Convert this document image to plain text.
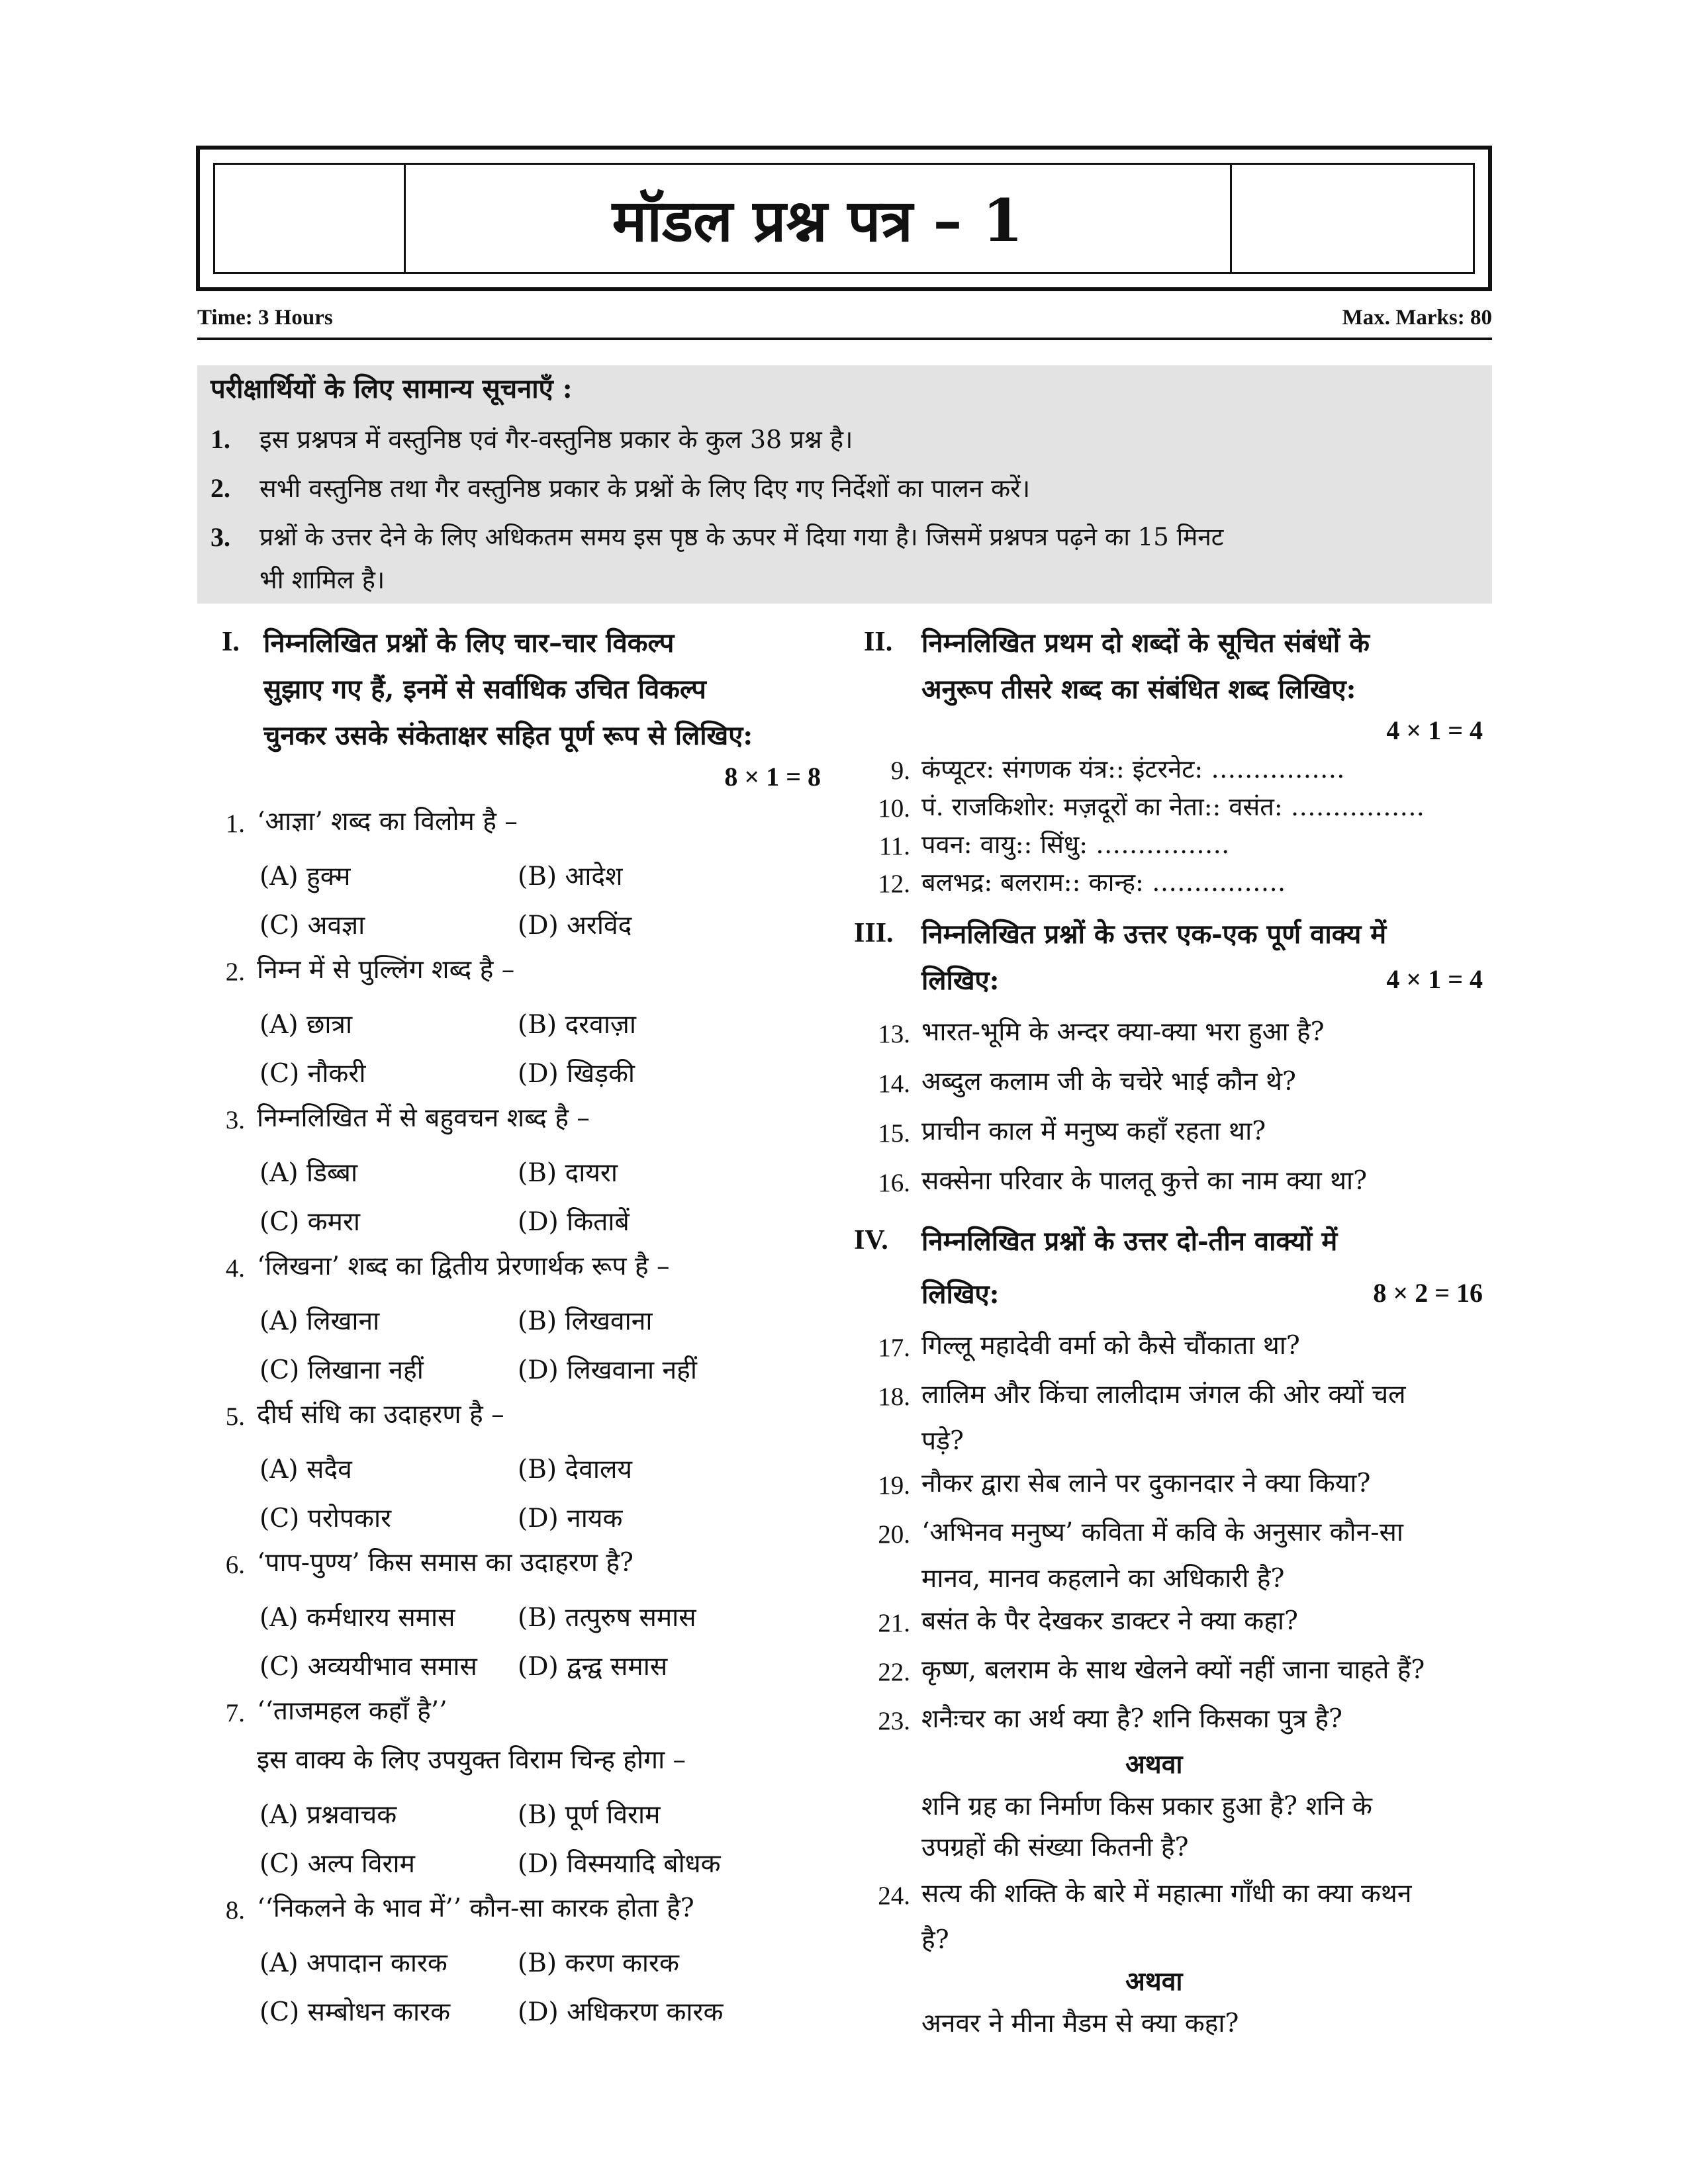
मॉडल प्रश्न पत्र – 1
Time: 3 Hours	Max. Marks: 80
परीक्षार्थियों के लिए सामान्य सूचनाएँ :
1. इस प्रश्नपत्र में वस्तुनिष्ठ एवं गैर-वस्तुनिष्ठ प्रकार के कुल 38 प्रश्न है।
2. सभी वस्तुनिष्ठ तथा गैर वस्तुनिष्ठ प्रकार के प्रश्नों के लिए दिए गए निर्देशों का पालन करें।
3. प्रश्नों के उत्तर देने के लिए अधिकतम समय इस पृष्ठ के ऊपर में दिया गया है। जिसमें प्रश्नपत्र पढ़ने का 15 मिनट
भी शामिल है।
I. निम्नलिखित प्रश्नों के लिए चार–चार विकल्प
सुझाए गए हैं, इनमें से सर्वाधिक उचित विकल्प
चुनकर उसके संकेताक्षर सहित पूर्ण रूप से लिखिए:
8 × 1 = 8
II. निम्नलिखित प्रथम दो शब्दों के सूचित संबंधों के
अनुरूप तीसरे शब्द का संबंधित शब्द लिखिए:
4 × 1 = 4
1. ‘आज्ञा’ शब्द का विलोम है –
(A) हुक्म	(B) आदेश
(C) अवज्ञा	(D) अरविंद
2. निम्न में से पुल्लिंग शब्द है –
(A) छात्रा	(B) दरवाज़ा
(C) नौकरी	(D) खिड़की
3. निम्नलिखित में से बहुवचन शब्द है –
(A) डिब्बा	(B) दायरा
(C) कमरा	(D) किताबें
4. ‘लिखना’ शब्द का द्वितीय प्रेरणार्थक रूप है –
(A) लिखाना	(B) लिखवाना
(C) लिखाना नहीं	(D) लिखवाना नहीं
5. दीर्घ संधि का उदाहरण है –
(A) सदैव	(B) देवालय
(C) परोपकार	(D) नायक
6. ‘पाप-पुण्य’ किस समास का उदाहरण है?
(A) कर्मधारय समास (B) तत्पुरुष समास
(C) अव्ययीभाव समास (D) द्वन्द्व समास
7. ‘‘ताजमहल कहाँ है’’
इस वाक्य के लिए उपयुक्त विराम चिन्ह होगा –
(A) प्रश्नवाचक	(B) पूर्ण विराम
(C) अल्प विराम	(D) विस्मयादि बोधक
8. ‘‘निकलने के भाव में’’ कौन-सा कारक होता है?
(A) अपादान कारक	(B) करण कारक
(C) सम्बोधन कारक	(D) अधिकरण कारक
9. कंप्यूटर: संगणक यंत्र:: इंटरनेट: …………….
10. पं. राजकिशोर: मज़दूरों का नेता:: वसंत: …………….
11. पवन: वायु:: सिंधु: …………….
12. बलभद्र: बलराम:: कान्ह: …………….
III. निम्नलिखित प्रश्नों के उत्तर एक-एक पूर्ण वाक्य में
लिखिए:	4 × 1 = 4
13. भारत-भूमि के अन्दर क्या-क्या भरा हुआ है?
14. अब्दुल कलाम जी के चचेरे भाई कौन थे?
15. प्राचीन काल में मनुष्य कहाँ रहता था?
16. सक्सेना परिवार के पालतू कुत्ते का नाम क्या था?
IV. निम्नलिखित प्रश्नों के उत्तर दो-तीन वाक्यों में
लिखिए:	8 × 2 = 16
17. गिल्लू महादेवी वर्मा को कैसे चौंकाता था?
18. लालिम और किंचा लालीदाम जंगल की ओर क्यों चल
पड़े?
19. नौकर द्वारा सेब लाने पर दुकानदार ने क्या किया?
20. ‘अभिनव मनुष्य’ कविता में कवि के अनुसार कौन-सा
मानव, मानव कहलाने का अधिकारी है?
21. बसंत के पैर देखकर डाक्टर ने क्या कहा?
22. कृष्ण, बलराम के साथ खेलने क्यों नहीं जाना चाहते हैं?
23. शनैःचर का अर्थ क्या है? शनि किसका पुत्र है?
अथवा
शनि ग्रह का निर्माण किस प्रकार हुआ है? शनि के
उपग्रहों की संख्या कितनी है?
24. सत्य की शक्ति के बारे में महात्मा गाँधी का क्या कथन
है?
अथवा
अनवर ने मीना मैडम से क्या कहा?
